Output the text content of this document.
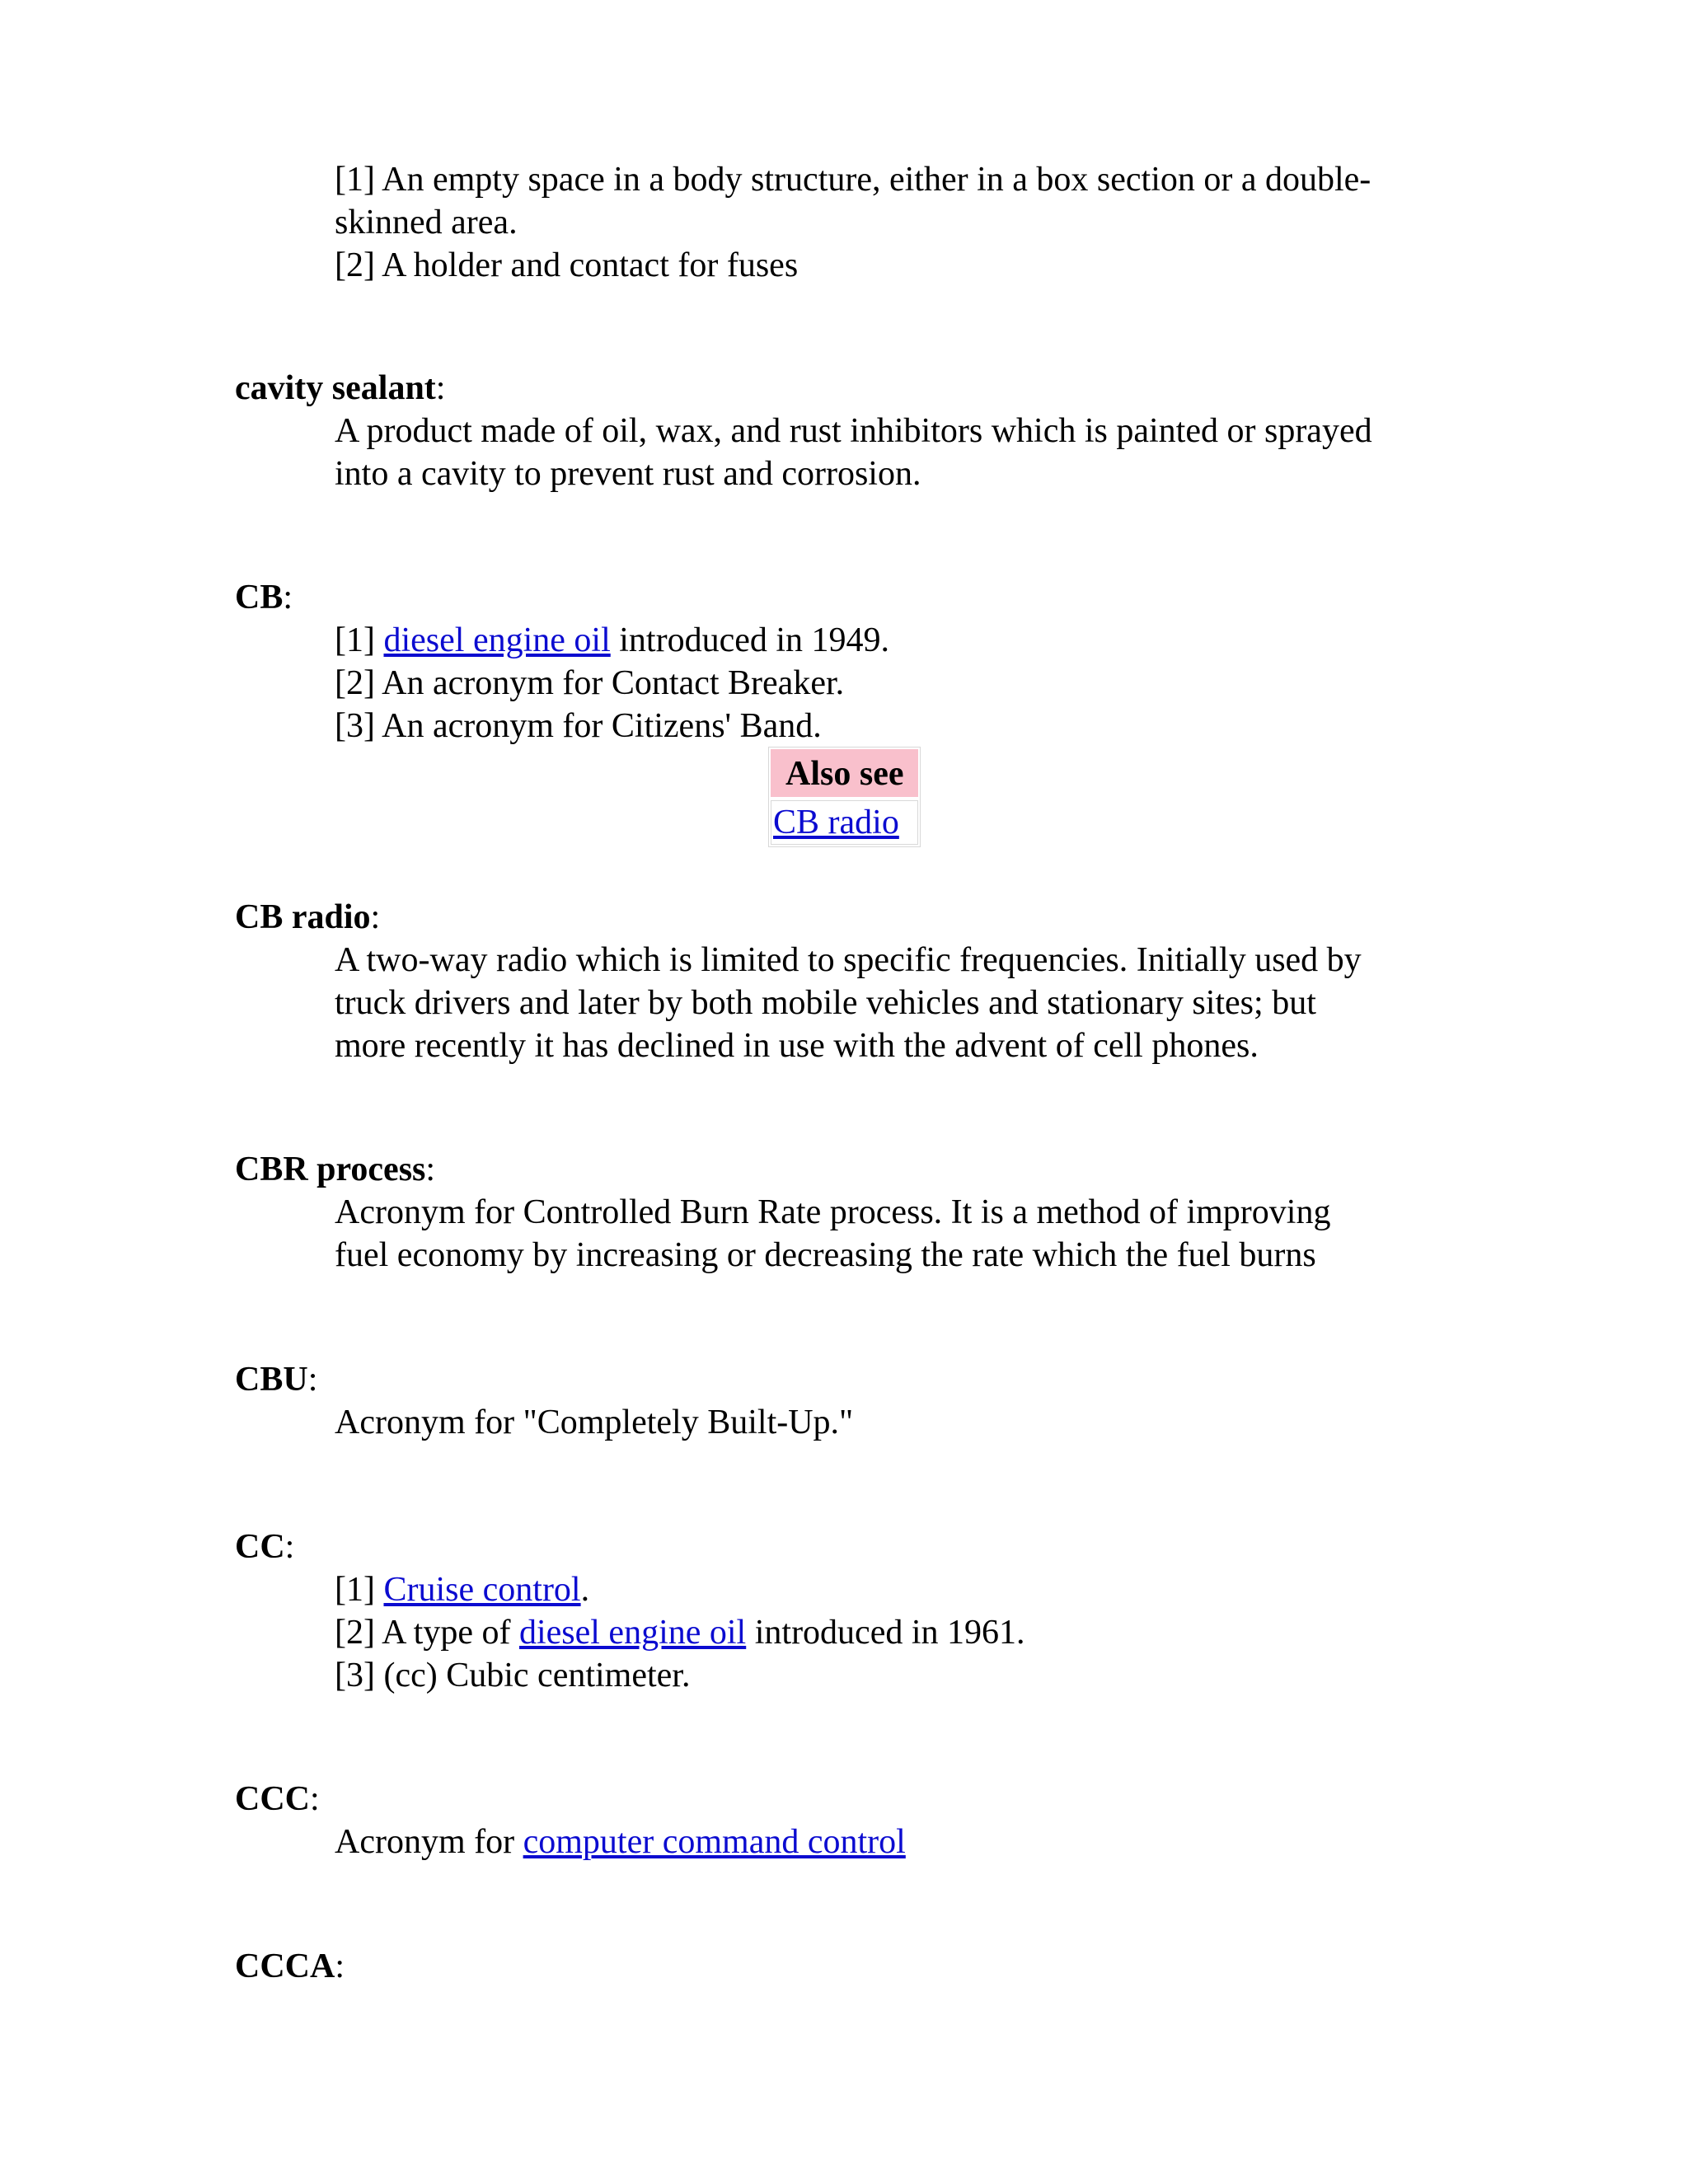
[1] An empty space in a body structure, either in a box section or a double-
skinned area.
[2] A holder and contact for fuses
cavity sealant:
A product made of oil, wax, and rust inhibitors which is painted or sprayed
into a cavity to prevent rust and corrosion.
CB:
[1] diesel engine oil introduced in 1949.
[2] An acronym for Contact Breaker.
[3] An acronym for Citizens' Band.
Also see
CB radio
CB radio:
A two-way radio which is limited to specific frequencies. Initially used by
truck drivers and later by both mobile vehicles and stationary sites; but
more recently it has declined in use with the advent of cell phones.
CBR process:
Acronym for Controlled Burn Rate process. It is a method of improving
fuel economy by increasing or decreasing the rate which the fuel burns
CBU:
Acronym for "Completely Built-Up."
CC:
[1] Cruise control.
[2] A type of diesel engine oil introduced in 1961.
[3] (cc) Cubic centimeter.
CCC:
Acronym for computer command control
CCCA:
